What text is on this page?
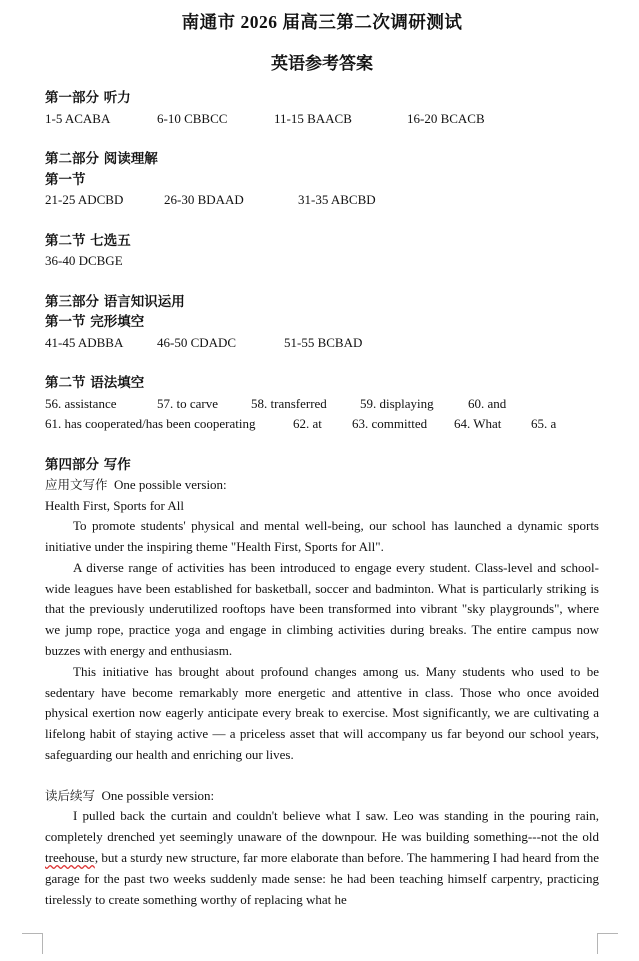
南通市 2026 届高三第二次调研测试
英语参考答案

第一部分 听力

1-5 ACABA	6-10 CBBCC	11-15 BAACB	16-20 BCACB

第二部分 阅读理解

第一节

21-25 ADCBD	26-30 BDAAD	31-35 ABCBD

第二节 七选五

36-40 DCBGE

第三部分 语言知识运用

第一节 完形填空

41-45 ADBBA	46-50 CDADC	51-55 BCBAD

第二节 语法填空

56. assistance	57. to carve	58. transferred	59. displaying	60. and
61. has cooperated/has been cooperating	62. at 63. committed 64. What 65. a

第四部分 写作

应用文写作 One possible version:

Health First, Sports for All

To promote students' physical and mental well-being, our school has launched a dynamic sports initiative under the inspiring theme "Health First, Sports for All".

A diverse range of activities has been introduced to engage every student. Class-level and school-wide leagues have been established for basketball, soccer and badminton. What is particularly striking is that the previously underutilized rooftops have been transformed into vibrant "sky playgrounds", where we jump rope, practice yoga and engage in climbing activities during breaks. The entire campus now buzzes with energy and enthusiasm.

This initiative has brought about profound changes among us. Many students who used to be sedentary have become remarkably more energetic and attentive in class. Those who once avoided physical exertion now eagerly anticipate every break to exercise. Most significantly, we are cultivating a lifelong habit of staying active — a priceless asset that will accompany us far beyond our school years, safeguarding our health and enriching our lives.

读后续写 One possible version:

I pulled back the curtain and couldn't believe what I saw. Leo was standing in the pouring rain, completely drenched yet seemingly unaware of the downpour. He was building something---not the old treehouse, but a sturdy new structure, far more elaborate than before. The hammering I had heard from the garage for the past two weeks suddenly made sense: he had been teaching himself carpentry, practicing tirelessly to create something worthy of replacing what he
